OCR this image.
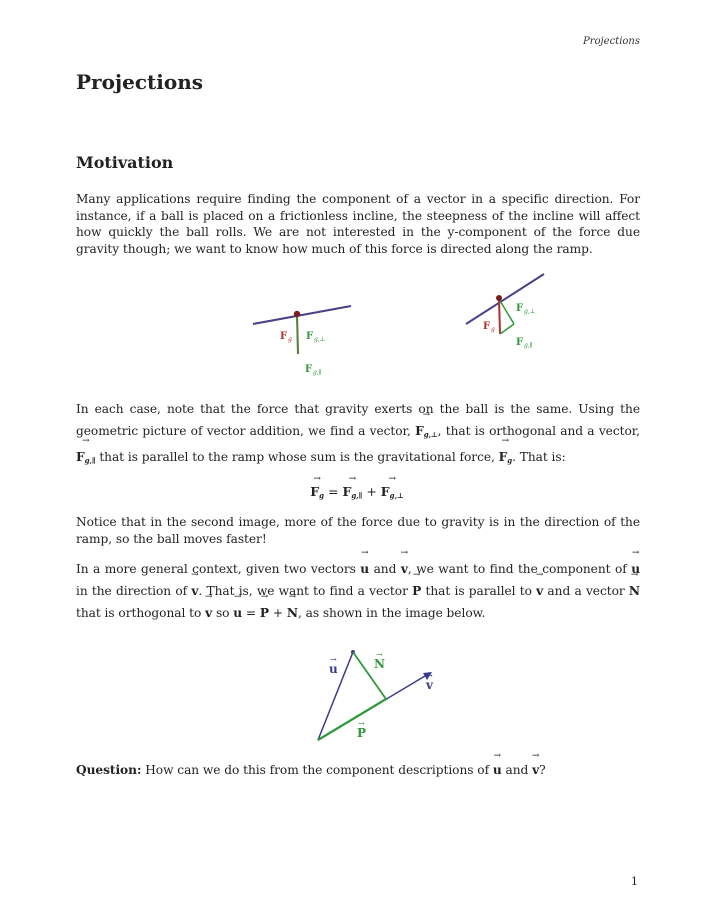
Projections
Projections
Motivation

Many applications require finding the component of a vector in a specific direction. For instance, if a ball is placed on a frictionless incline, the steepness of the incline will affect how quickly the ball rolls. We are not interested in the y-component of the force due gravity though; we want to know how much of this force is directed along the ramp.

F g F g,⊥
F g,∥
F g
F g,⊥
F g,∥

In each case, note that the force that gravity exerts on the ball is the same. Using the geometric picture of vector addition, we find a vector, → $F_{g,\perp}$, that is orthogonal and a vector, → $F_{g,\parallel}$ that is parallel to the ramp whose sum is the gravitational force, → $F_g$. That is:

→ $F_g$ = → $F_{g,\parallel}$ + → $F_{g,\perp}$

Notice that in the second image, more of the force due to gravity is in the direction of the ramp, so the ball moves faster!

In a more general context, given two vectors → u and → v, we want to find the component of → u in the direction of → v. That is, we want to find a vector → P that is parallel to → v and a vector → N that is orthogonal to → v so → u = → P + → N, as shown in the image below.

u
→	N
→
v
→
P
→

Question: How can we do this from the component descriptions of → u and → v?

1
